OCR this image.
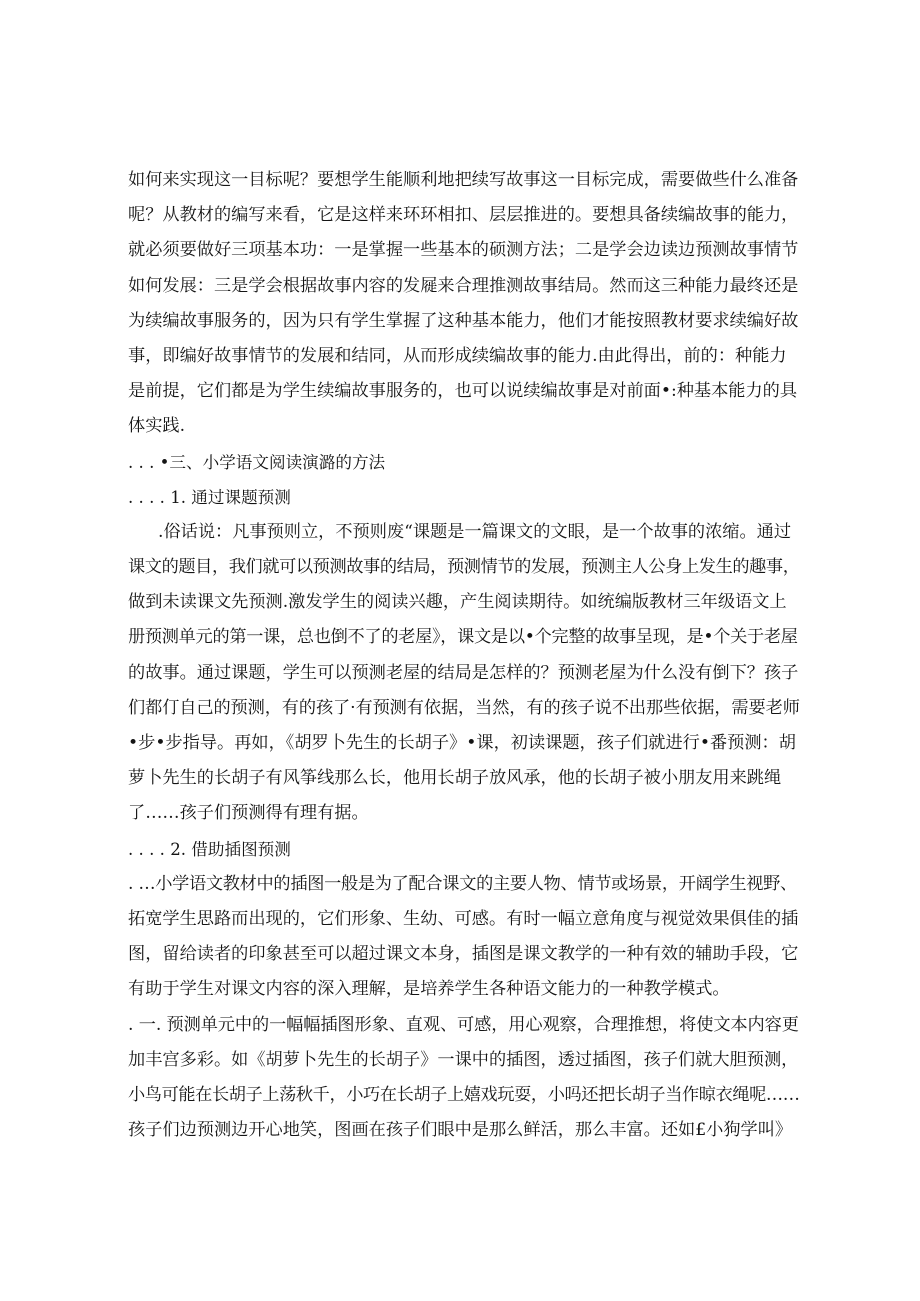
如何来实现这一目标呢？要想学生能顺利地把续写故事这一目标完成，需要做些什么准备
呢？从教材的编写来看，它是这样来环环相扣、层层推进的。要想具备续编故事的能力，
就必须要做好三项基本功：一是掌握一些基本的硕测方法；二是学会边读边预测故事情节
如何发展：三是学会根据故事内容的发屣来合理推测故事结局。然而这三种能力最终还是
为续编故事服务的，因为只有学生掌握了这种基本能力，他们才能按照教材要求续编好故
事，即编好故事情节的发展和结同，从而形成续编故事的能力.由此得出，前的：种能力
是前提，它们都是为学生续编故事服务的，也可以说续编故事是对前面•:种基本能力的具
体实践.
. . . •三、小学语文阅读演潞的方法
. . . . 1. 通过课题预测
.俗话说：凡事预则立，不预则废“课题是一篇课文的文眼，是一个故事的浓缩。通过
课文的题目，我们就可以预测故事的结局，预测情节的发展，预测主人公身上发生的趣事，
做到未读课文先预测.激发学生的阅读兴趣，产生阅读期待。如统编版教材三年级语文上
册预测单元的第一课，总也倒不了的老屋》，课文是以•个完整的故事呈现，是•个关于老屋
的故事。通过课题，学生可以预测老屋的结局是怎样的？预测老屋为什么没有倒下？孩子
们都仃自己的预测，有的孩了·有预测有依据，当然，有的孩子说不出那些依据，需要老师
•步•步指导。再如，《胡罗卜先生的长胡子》•课，初读课题，孩子们就进行•番预测：胡
萝卜先生的长胡子有风筝线那么长，他用长胡子放风承，他的长胡子被小朋友用来跳绳
了……孩子们预测得有理有据。
. . . . 2. 借助插图预测
. …小学语文教材中的插图一般是为了配合课文的主要人物、情节或场景，开阔学生视野、
拓宽学生思路而出现的，它们形象、生幼、可感。有时一幅立意角度与视觉效果俱佳的插
图，留给读者的印象甚至可以超过课文本身，插图是课文教学的一种有效的辅助手段，它
有助于学生对课文内容的深入理解，是培养学生各种语文能力的一种教学模式。
. 一. 预测单元中的一幅幅插图形象、直观、可感，用心观察，合理推想，将使文本内容更
加丰宫多彩。如《胡萝卜先生的长胡子》一课中的插图，透过插图，孩子们就大胆预测，
小鸟可能在长胡子上荡秋千，小巧在长胡子上嬉戏玩耍，小吗还把长胡子当作晾衣绳呢……
孩子们边预测边开心地笑，图画在孩子们眼中是那么鲜活，那么丰富。还如£小狗学叫》
